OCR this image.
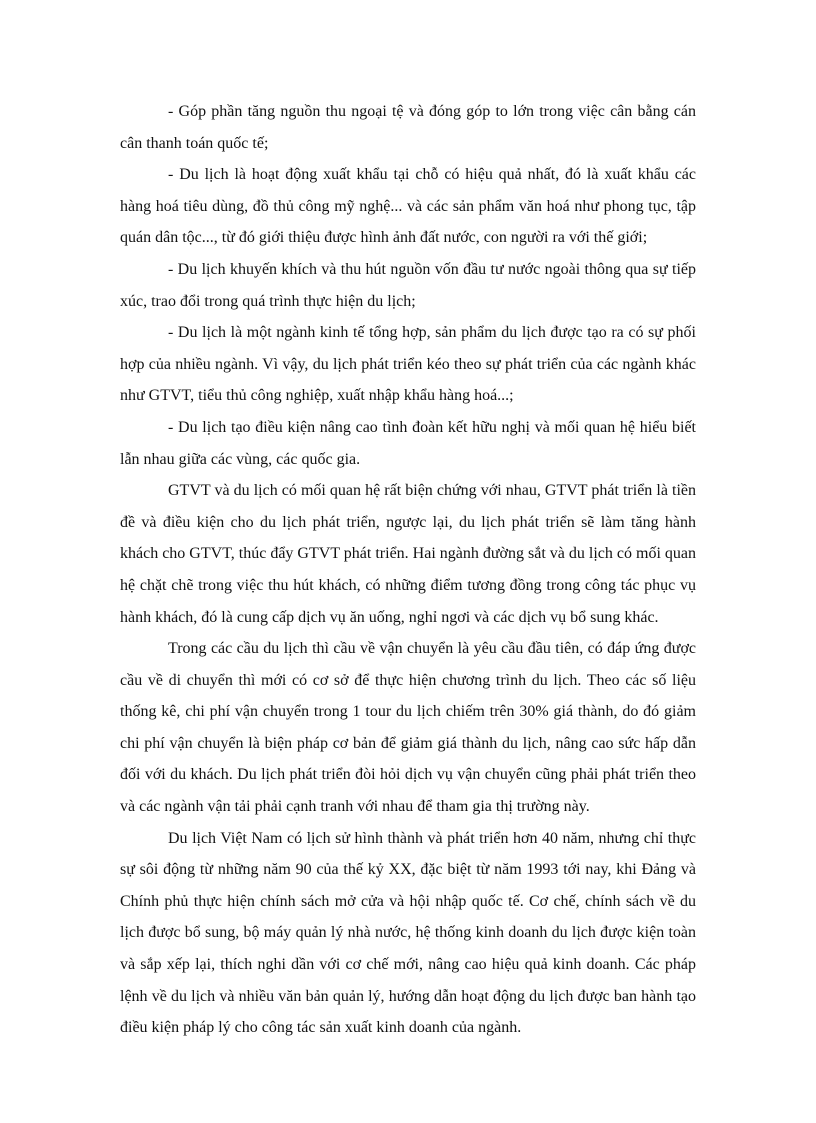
- Góp phần tăng nguồn thu ngoại tệ và đóng góp to lớn trong việc cân bằng cán cân thanh toán quốc tế;

- Du lịch là hoạt động xuất khẩu tại chỗ có hiệu quả nhất, đó là xuất khẩu các hàng hoá tiêu dùng, đồ thủ công mỹ nghệ... và các sản phẩm văn hoá như phong tục, tập quán dân tộc..., từ đó giới thiệu được hình ảnh đất nước, con người ra với thế giới;

- Du lịch khuyến khích và thu hút nguồn vốn đầu tư nước ngoài thông qua sự tiếp xúc, trao đổi trong quá trình thực hiện du lịch;

- Du lịch là một ngành kinh tế tổng hợp, sản phẩm du lịch được tạo ra có sự phối hợp của nhiều ngành. Vì vậy, du lịch phát triển kéo theo sự phát triển của các ngành khác như GTVT, tiểu thủ công nghiệp, xuất nhập khẩu hàng hoá...;

- Du lịch tạo điều kiện nâng cao tình đoàn kết hữu nghị và mối quan hệ hiểu biết lẫn nhau giữa các vùng, các quốc gia.

GTVT và du lịch có mối quan hệ rất biện chứng với nhau, GTVT phát triển là tiền đề và điều kiện cho du lịch phát triển, ngược lại, du lịch phát triển sẽ làm tăng hành khách cho GTVT, thúc đẩy GTVT phát triển. Hai ngành đường sắt và du lịch có mối quan hệ chặt chẽ trong việc thu hút khách, có những điểm tương đồng trong công tác phục vụ hành khách, đó là cung cấp dịch vụ ăn uống, nghỉ ngơi và các dịch vụ bổ sung khác.

Trong các cầu du lịch thì cầu về vận chuyển là yêu cầu đầu tiên, có đáp ứng được cầu về di chuyển thì mới có cơ sở để thực hiện chương trình du lịch. Theo các số liệu thống kê, chi phí vận chuyển trong 1 tour du lịch chiếm trên 30% giá thành, do đó giảm chi phí vận chuyển là biện pháp cơ bản để giảm giá thành du lịch, nâng cao sức hấp dẫn đối với du khách. Du lịch phát triển đòi hỏi dịch vụ vận chuyển cũng phải phát triển theo và các ngành vận tải phải cạnh tranh với nhau để tham gia thị trường này.

Du lịch Việt Nam có lịch sử hình thành và phát triển hơn 40 năm, nhưng chỉ thực sự sôi động từ những năm 90 của thế kỷ XX, đặc biệt từ năm 1993 tới nay, khi Đảng và Chính phủ thực hiện chính sách mở cửa và hội nhập quốc tế. Cơ chế, chính sách về du lịch được bổ sung, bộ máy quản lý nhà nước, hệ thống kinh doanh du lịch được kiện toàn và sắp xếp lại, thích nghi dần với cơ chế mới, nâng cao hiệu quả kinh doanh. Các pháp lệnh về du lịch và nhiều văn bản quản lý, hướng dẫn hoạt động du lịch được ban hành tạo điều kiện pháp lý cho công tác sản xuất kinh doanh của ngành.
